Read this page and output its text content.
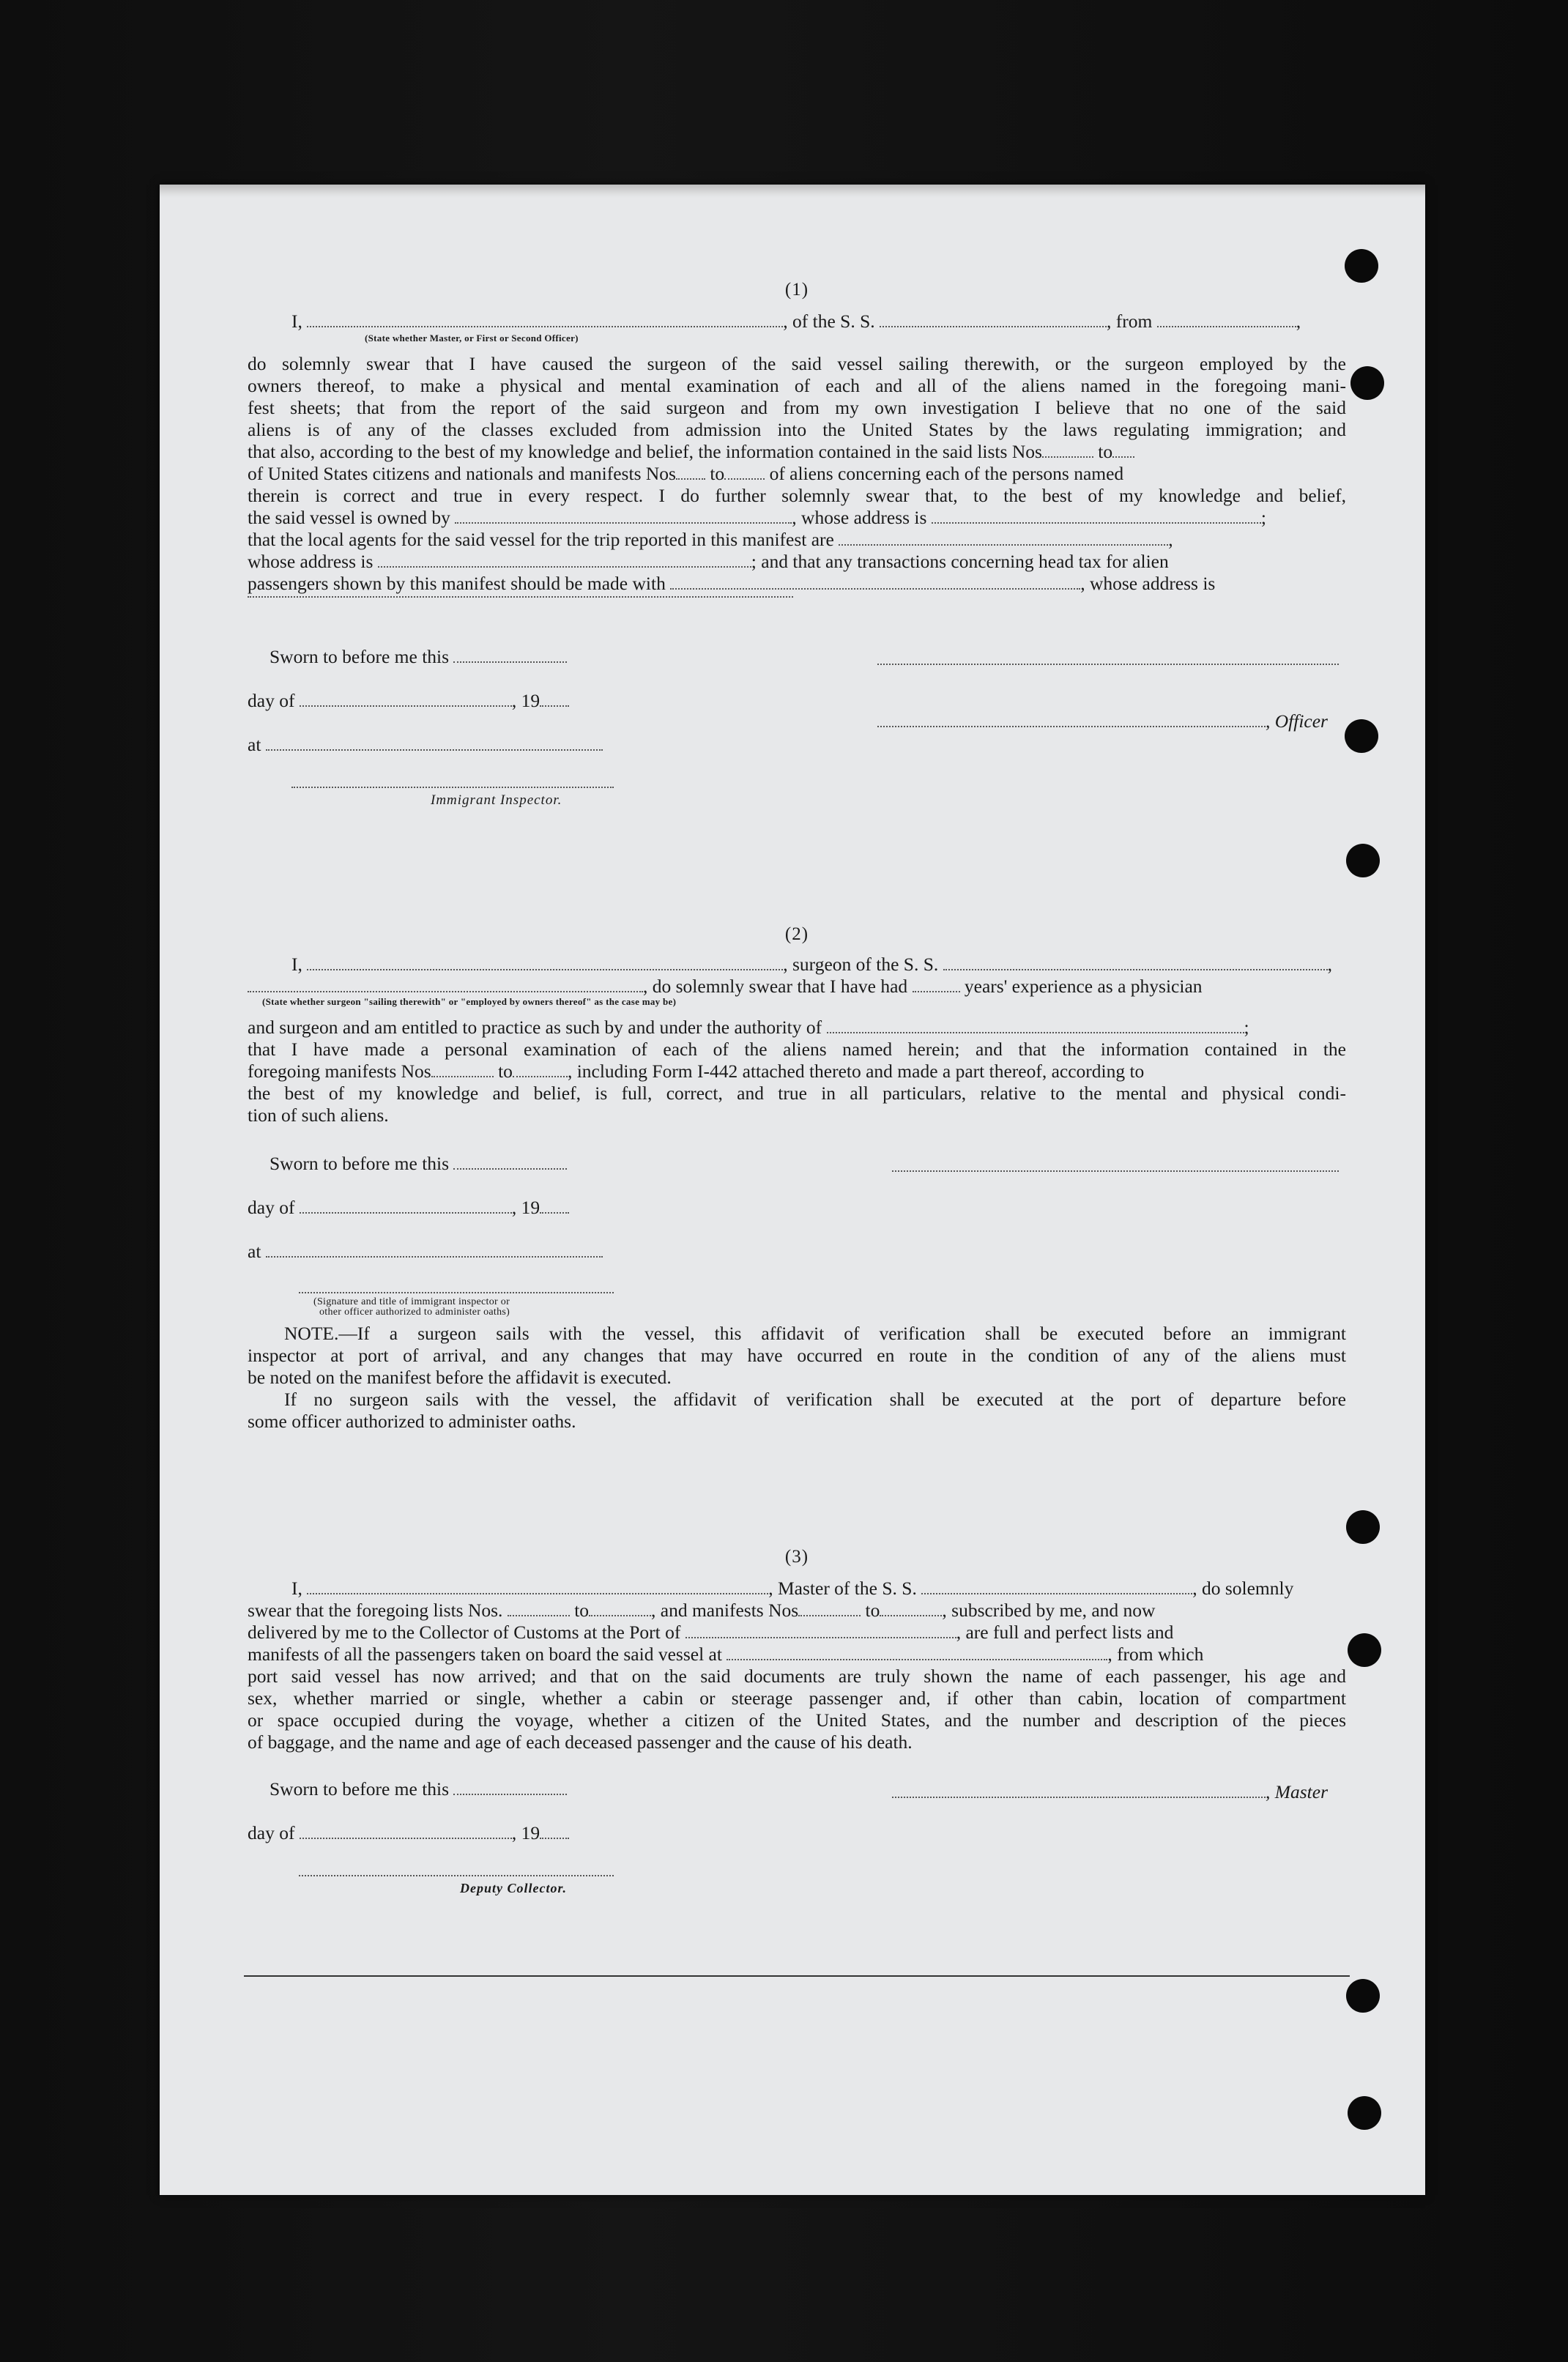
(1)
I,	, of the S. S.	, from	,
(State whether Master, or First or Second Officer)
do solemnly swear that I have caused the surgeon of the said vessel sailing therewith, or the surgeon employed by the
owners thereof, to make a physical and mental examination of each and all of the aliens named in the foregoing mani-
fest sheets; that from the report of the said surgeon and from my own investigation I believe that no one of the said
aliens is of any of the classes excluded from admission into the United States by the laws regulating immigration; and
that also, according to the best of my knowledge and belief, the information contained in the said lists Nos	to
of United States citizens and nationals and manifests Nos to of aliens concerning each of the persons named
therein is correct and true in every respect. I do further solemnly swear that, to the best of my knowledge and belief,
the said vessel is owned by	, whose address is	;
that the local agents for the said vessel for the trip reported in this manifest are	,
whose address is	; and that any transactions concerning head tax for alien
passengers shown by this manifest should be made with	, whose address is
Sworn to before me this
day of	, 19
, Officer
at
Immigrant Inspector.
(2)
I,	, surgeon of the S. S.	,
, do solemnly swear that I have had	years' experience as a physician
(State whether surgeon "sailing therewith" or "employed by owners thereof" as the case may be)
and surgeon and am entitled to practice as such by and under the authority of	;
that I have made a personal examination of each of the aliens named herein; and that the information contained in the
foregoing manifests Nos	to	, including Form I-442 attached thereto and made a part thereof, according to
the best of my knowledge and belief, is full, correct, and true in all particulars, relative to the mental and physical condi-
tion of such aliens.
Sworn to before me this
day of	, 19
at
(Signature and title of immigrant inspector or
other officer authorized to administer oaths)
NOTE.—If a surgeon sails with the vessel, this affidavit of verification shall be executed before an immigrant
inspector at port of arrival, and any changes that may have occurred en route in the condition of any of the aliens must
be noted on the manifest before the affidavit is executed.
If no surgeon sails with the vessel, the affidavit of verification shall be executed at the port of departure before
some officer authorized to administer oaths.
(3)
I,	, Master of the S. S.	, do solemnly
swear that the foregoing lists Nos.	to	, and manifests Nos	to	, subscribed by me, and now
delivered by me to the Collector of Customs at the Port of	, are full and perfect lists and
manifests of all the passengers taken on board the said vessel at	, from which
port said vessel has now arrived; and that on the said documents are truly shown the name of each passenger, his age and
sex, whether married or single, whether a cabin or steerage passenger and, if other than cabin, location of compartment
or space occupied during the voyage, whether a citizen of the United States, and the number and description of the pieces
of baggage, and the name and age of each deceased passenger and the cause of his death.
Sworn to before me this	, Master
day of	, 19
Deputy Collector.
